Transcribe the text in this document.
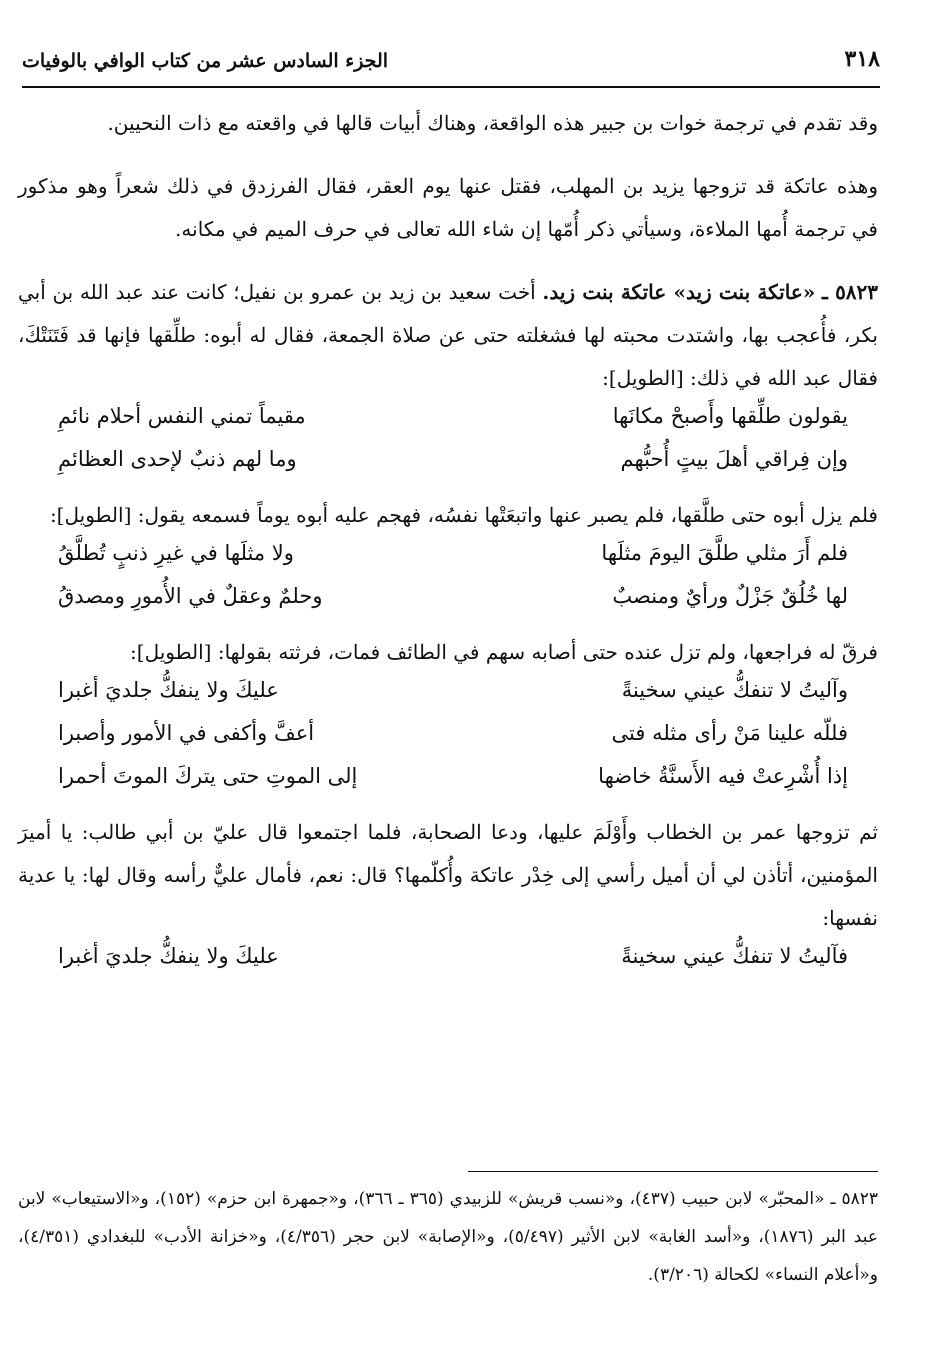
٣١٨
الجزء السادس عشر من كتاب الوافي بالوفيات

وقد تقدم في ترجمة خوات بن جبير هذه الواقعة، وهناك أبيات قالها في واقعته مع ذات النحيين.

وهذه عاتكة قد تزوجها يزيد بن المهلب، فقتل عنها يوم العقر، فقال الفرزدق في ذلك شعراً وهو مذكور في ترجمة أُمها الملاءة، وسيأتي ذكر أُمّها إن شاء الله تعالى في حرف الميم في مكانه.

٥٨٢٣ ـ «عاتكة بنت زيد» عاتكة بنت زيد. أخت سعيد بن زيد بن عمرو بن نفيل؛ كانت عند عبد الله بن أبي بكر، فأُعجب بها، واشتدت محبته لها فشغلته حتى عن صلاة الجمعة، فقال له أبوه: طلِّقها فإنها قد فَتَنَتْكَ، فقال عبد الله في ذلك: [الطويل]:

يقولون طلِّقها وأَصبحْ مكانَها
مقيماً تمني النفس أحلام نائمِ
وإن فِراقي أهلَ بيتٍ أُحبُّهم
وما لهم ذنبٌ لإحدى العظائمِ

فلم يزل أبوه حتى طلَّقها، فلم يصبر عنها واتبعَتْها نفسُه، فهجم عليه أبوه يوماً فسمعه يقول: [الطويل]:

فلم أَرَ مثلي طلَّقَ اليومَ مثلَها
ولا مثلَها في غيرِ ذنبٍ تُطلَّقُ
لها خُلُقٌ جَزْلٌ ورأيٌ ومنصبٌ
وحلمٌ وعقلٌ في الأُمورِ ومصدقُ

فرقّ له فراجعها، ولم تزل عنده حتى أصابه سهم في الطائف فمات، فرثته بقولها: [الطويل]:

وآليتُ لا تنفكُّ عيني سخينةً
عليكَ ولا ينفكُّ جلديَ أغبرا
فللّه علينا مَنْ رأى مثله فتى
أعفَّ وأكفى في الأمور وأصبرا
إذا أُشْرِعتْ فيه الأَسنَّةُ خاضها
إلى الموتِ حتى يتركَ الموتَ أحمرا

ثم تزوجها عمر بن الخطاب وأَوْلَمَ عليها، ودعا الصحابة، فلما اجتمعوا قال عليّ بن أبي طالب: يا أميرَ المؤمنين، أتأذن لي أن أميل رأسي إلى خِدْر عاتكة وأُكلّمها؟ قال: نعم، فأمال عليٌّ رأسه وقال لها: يا عدية نفسها:

فآليتُ لا تنفكُّ عيني سخينةً
عليكَ ولا ينفكُّ جلديَ أغبرا

٥٨٢٣ ـ «المحبّر» لابن حبيب (٤٣٧)، و«نسب قريش» للزبيدي (٣٦٥ ـ ٣٦٦)، و«جمهرة ابن حزم» (١٥٢)، و«الاستيعاب» لابن عبد البر (١٨٧٦)، و«أسد الغابة» لابن الأثير (٥/٤٩٧)، و«الإصابة» لابن حجر (٤/٣٥٦)، و«خزانة الأدب» للبغدادي (٤/٣٥١)، و«أعلام النساء» لكحالة (٣/٢٠٦).
